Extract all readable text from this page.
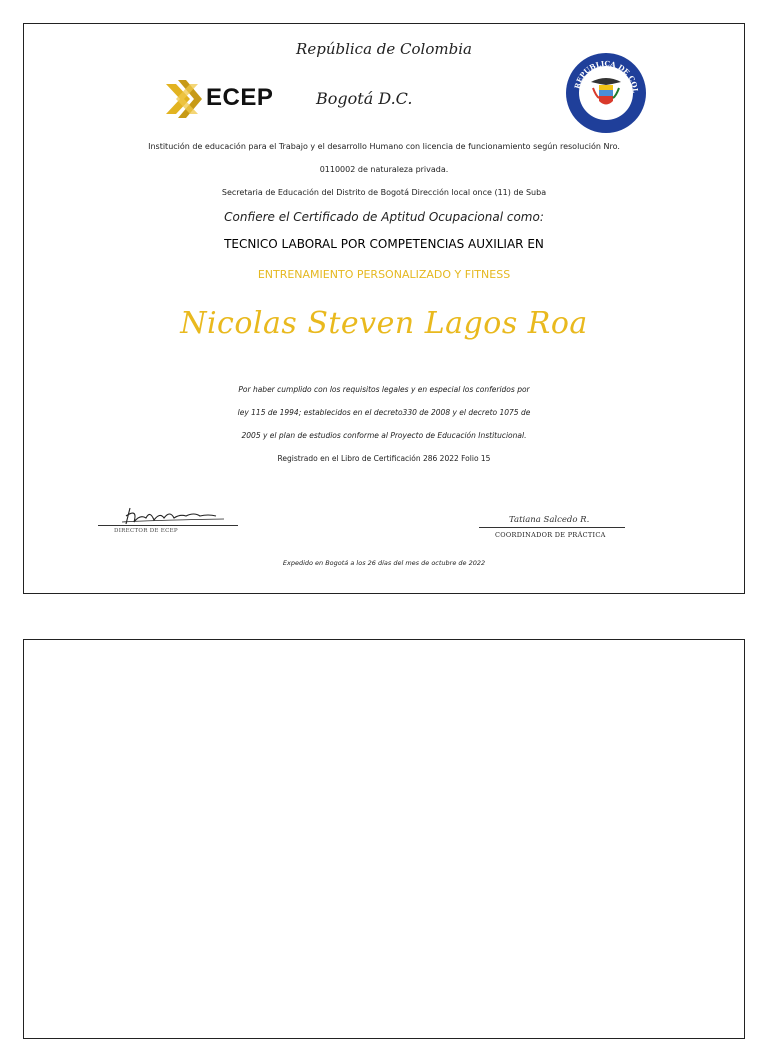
República de Colombia
ECEP	Bogotá D.C.
REPUBLICA DE COL
LIBERTAD Y ORD
Institución de educación para el Trabajo y el desarrollo Humano con licencia de funcionamiento según resolución Nro.
0110002 de naturaleza privada.
Secretaria de Educación del Distrito de Bogotá Dirección local once (11) de Suba
Confiere el Certificado de Aptitud Ocupacional como:
TECNICO LABORAL POR COMPETENCIAS AUXILIAR EN
ENTRENAMIENTO PERSONALIZADO Y FITNESS
Nicolas Steven Lagos Roa
Por haber cumplido con los requisitos legales y en especial los conferidos por
ley 115 de 1994; establecidos en el decreto330 de 2008 y el decreto 1075 de
2005 y el plan de estudios conforme al Proyecto de Educación Institucional.
Registrado en el Libro de Certificación 286 2022 Folio 15
DIRECTOR DE ECEP
Tatiana Salcedo R.
COORDINADOR DE PRÁCTICA
Expedido en Bogotá a los 26 días del mes de octubre de 2022
